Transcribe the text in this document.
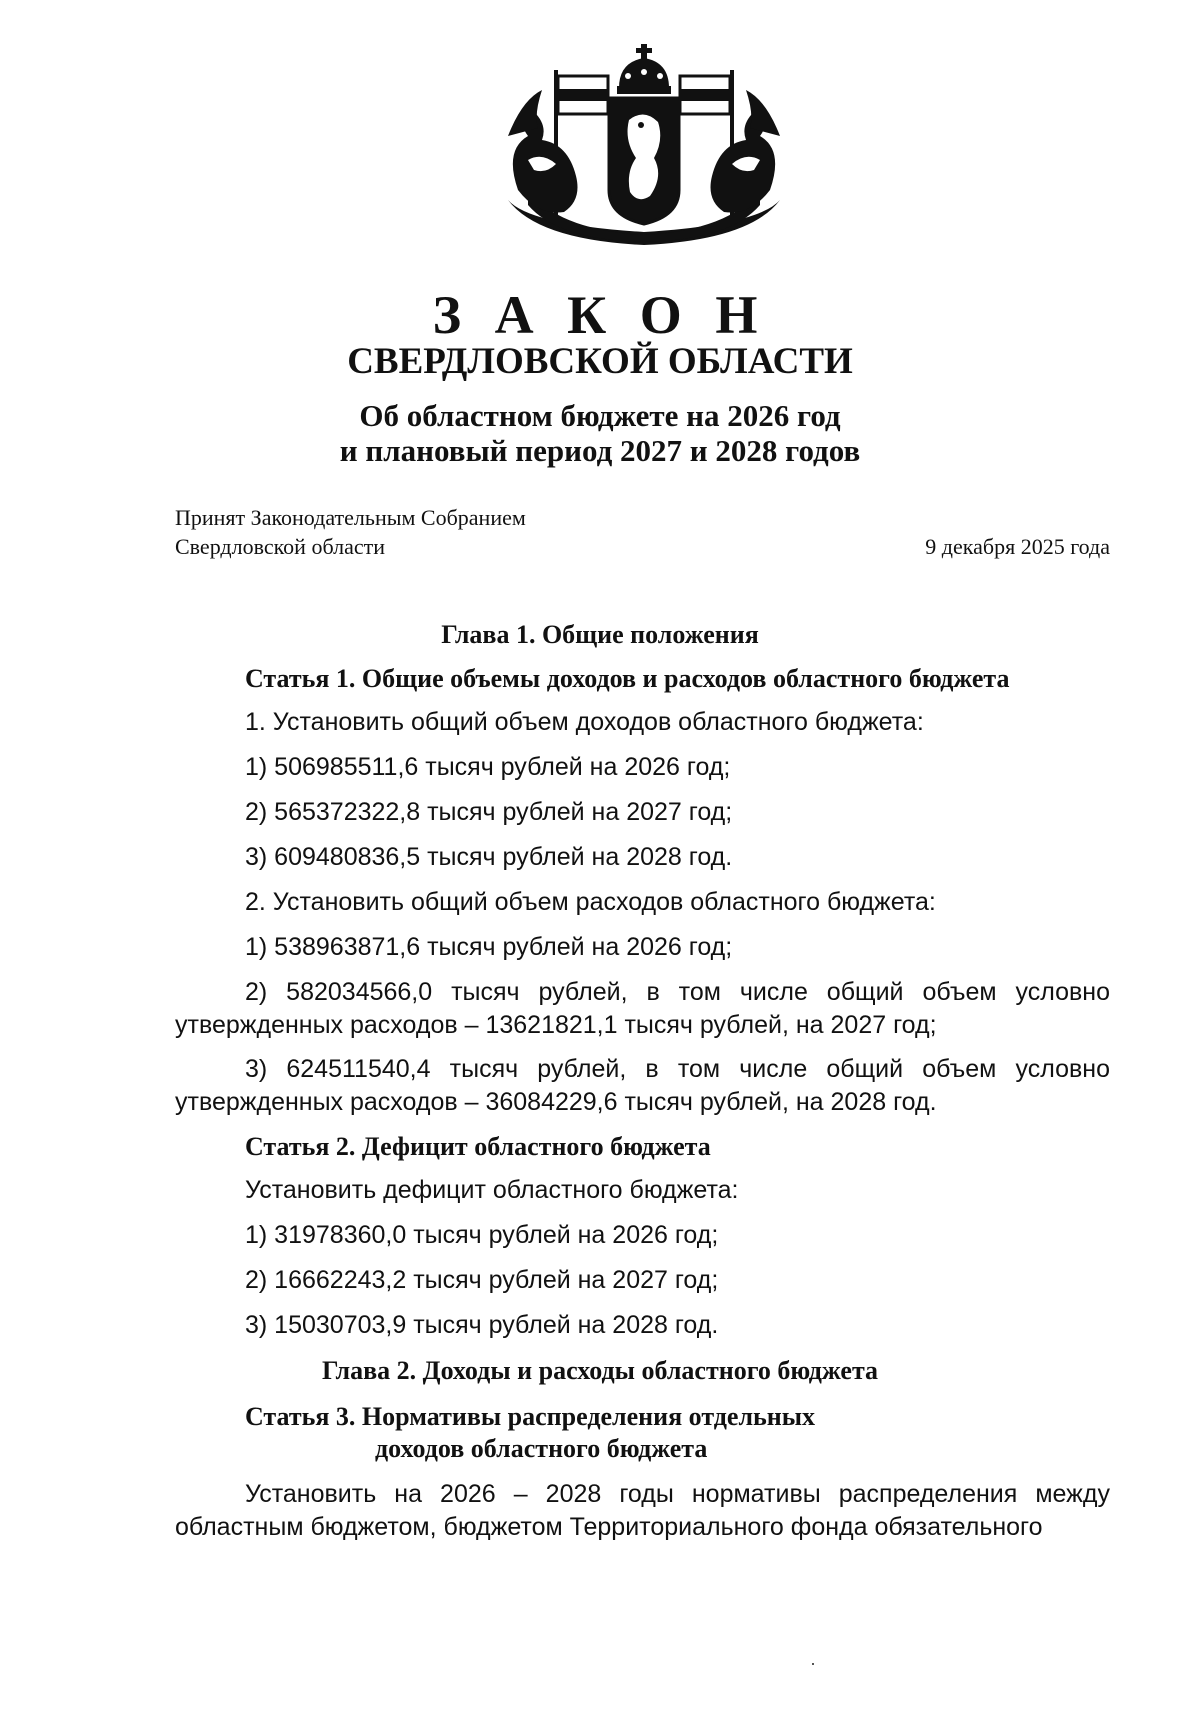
З А К О Н
СВЕРДЛОВСКОЙ ОБЛАСТИ
Об областном бюджете на 2026 год
и плановый период 2027 и 2028 годов
Принят Законодательным Собранием
Свердловской области	9 декабря 2025 года
Глава 1. Общие положения
Статья 1. Общие объемы доходов и расходов областного бюджета
1. Установить общий объем доходов областного бюджета:
1) 506985511,6 тысяч рублей на 2026 год;
2) 565372322,8 тысяч рублей на 2027 год;
3) 609480836,5 тысяч рублей на 2028 год.
2. Установить общий объем расходов областного бюджета:
1) 538963871,6 тысяч рублей на 2026 год;
2) 582034566,0 тысяч рублей, в том числе общий объем условно утвержденных расходов – 13621821,1 тысяч рублей, на 2027 год;
3) 624511540,4 тысяч рублей, в том числе общий объем условно утвержденных расходов – 36084229,6 тысяч рублей, на 2028 год.
Статья 2. Дефицит областного бюджета
Установить дефицит областного бюджета:
1) 31978360,0 тысяч рублей на 2026 год;
2) 16662243,2 тысяч рублей на 2027 год;
3) 15030703,9 тысяч рублей на 2028 год.
Глава 2. Доходы и расходы областного бюджета
Статья 3. Нормативы распределения отдельных
доходов областного бюджета
Установить на 2026 – 2028 годы нормативы распределения между областным бюджетом, бюджетом Территориального фонда обязательного
